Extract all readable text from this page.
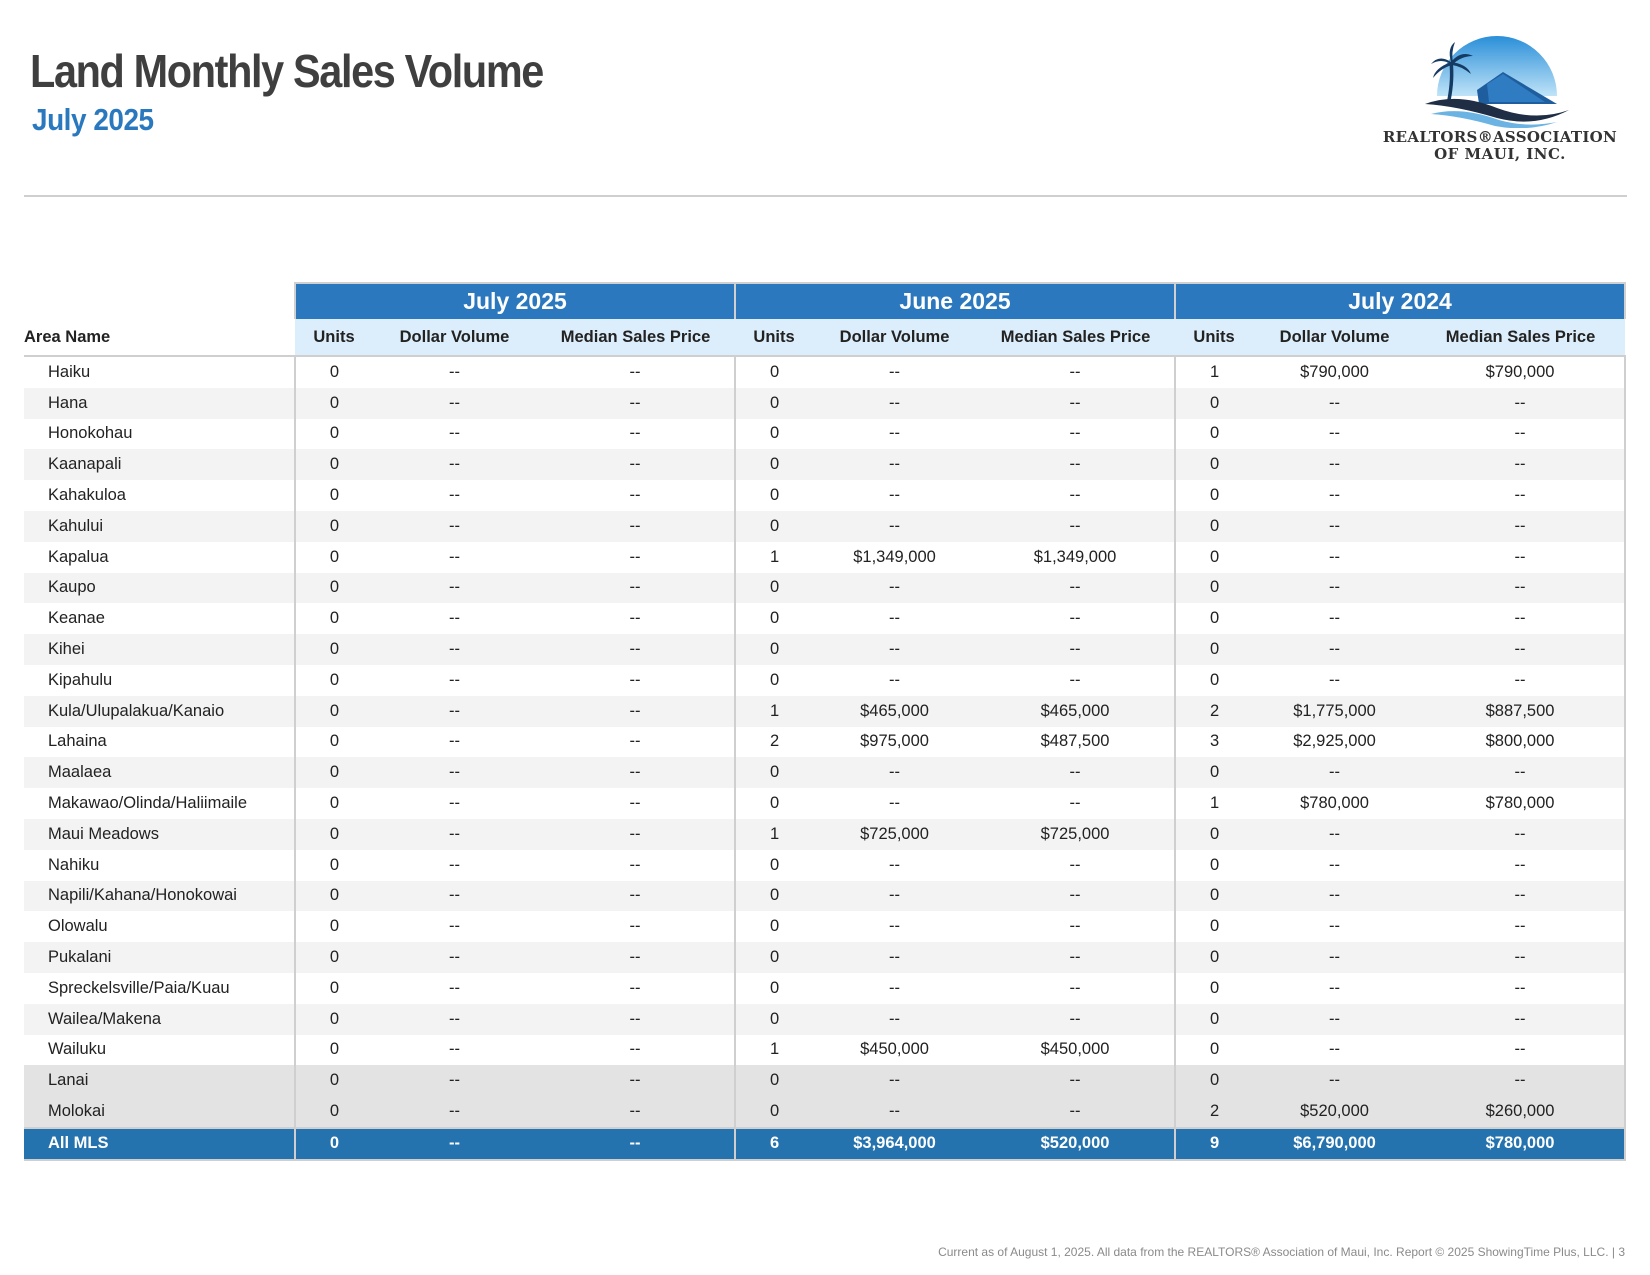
Land Monthly Sales Volume
July 2025	REALTORS®ASSOCIATION
OF MAUI, INC.
	July 2025			June 2025			July 2024		
Area Name	Units	Dollar Volume	Median Sales Price	Units	Dollar Volume	Median Sales Price	Units	Dollar Volume	Median Sales Price
Haiku	0	--	--	0	--	--	1	$790,000	$790,000
Hana	0	--	--	0	--	--	0	--	--
Honokohau	0	--	--	0	--	--	0	--	--
Kaanapali	0	--	--	0	--	--	0	--	--
Kahakuloa	0	--	--	0	--	--	0	--	--
Kahului	0	--	--	0	--	--	0	--	--
Kapalua	0	--	--	1	$1,349,000	$1,349,000	0	--	--
Kaupo	0	--	--	0	--	--	0	--	--
Keanae	0	--	--	0	--	--	0	--	--
Kihei	0	--	--	0	--	--	0	--	--
Kipahulu	0	--	--	0	--	--	0	--	--
Kula/Ulupalakua/Kanaio	0	--	--	1	$465,000	$465,000	2	$1,775,000	$887,500
Lahaina	0	--	--	2	$975,000	$487,500	3	$2,925,000	$800,000
Maalaea	0	--	--	0	--	--	0	--	--
Makawao/Olinda/Haliimaile	0	--	--	0	--	--	1	$780,000	$780,000
Maui Meadows	0	--	--	1	$725,000	$725,000	0	--	--
Nahiku	0	--	--	0	--	--	0	--	--
Napili/Kahana/Honokowai	0	--	--	0	--	--	0	--	--
Olowalu	0	--	--	0	--	--	0	--	--
Pukalani	0	--	--	0	--	--	0	--	--
Spreckelsville/Paia/Kuau	0	--	--	0	--	--	0	--	--
Wailea/Makena	0	--	--	0	--	--	0	--	--
Wailuku	0	--	--	1	$450,000	$450,000	0	--	--
Lanai	0	--	--	0	--	--	0	--	--
Molokai	0	--	--	0	--	--	2	$520,000	$260,000
All MLS	0	--	--	6	$3,964,000	$520,000	9	$6,790,000	$780,000
Current as of August 1, 2025. All data from the REALTORS® Association of Maui, Inc. Report © 2025 ShowingTime Plus, LLC. | 3
